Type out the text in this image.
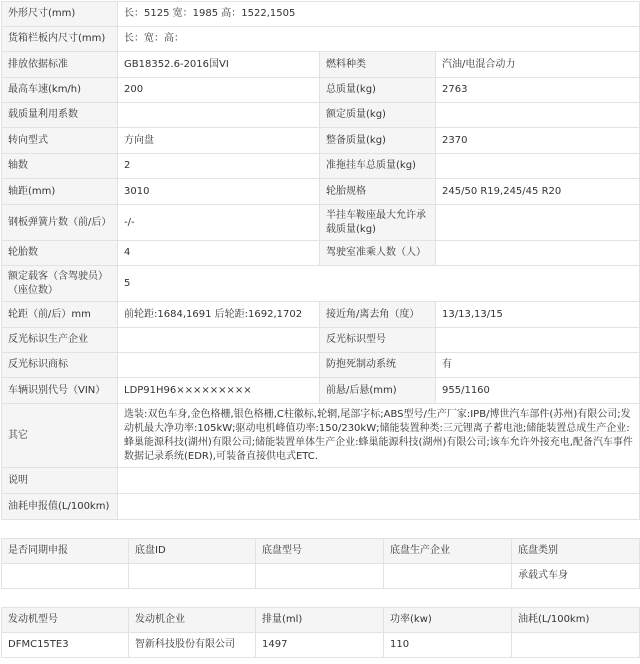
外形尺寸(mm)	长：5125 宽：1985 高：1522,1505		
货箱栏板内尺寸(mm)	长：宽：高：		
排放依据标准	GB18352.6-2016国VI	燃料种类	汽油/电混合动力
最高车速(km/h)	200	总质量(kg)	2763
载质量利用系数		额定质量(kg)	
转向型式	方向盘	整备质量(kg)	2370
轴数	2	准拖挂车总质量(kg)	
轴距(mm)	3010	轮胎规格	245/50 R19,245/45 R20
钢板弹簧片数（前/后）	-/-	半挂车鞍座最大允许承载质量(kg)	
轮胎数	4	驾驶室准乘人数（人）	
额定载客（含驾驶员）（座位数）	5		
轮距（前/后）mm	前轮距:1684,1691 后轮距:1692,1702	接近角/离去角（度）	13/13,13/15
反光标识生产企业		反光标识型号	
反光标识商标		防抱死制动系统	有
车辆识别代号（VIN）	LDP91H96×××××××××	前悬/后悬(mm)	955/1160
其它	选装:双色车身,金色格栅,银色格栅,C柱徽标,轮辋,尾部字标;ABS型号/生产厂家:IPB/博世汽车部件(苏州)有限公司;发动机最大净功率:105kW;驱动电机峰值功率:150/230kW;储能装置种类:三元锂离子蓄电池;储能装置总成生产企业:蜂巢能源科技(湖州)有限公司;储能装置单体生产企业:蜂巢能源科技(湖州)有限公司;该车允许外接充电,配备汽车事件数据记录系统(EDR),可装备直接供电式ETC.		
说明			
油耗申报值(L/100km)			
是否同期申报	底盘ID	底盘型号	底盘生产企业	底盘类别
				承载式车身
发动机型号	发动机企业	排量(ml)	功率(kw)	油耗(L/100km)
DFMC15TE3	智新科技股份有限公司	1497	110	
